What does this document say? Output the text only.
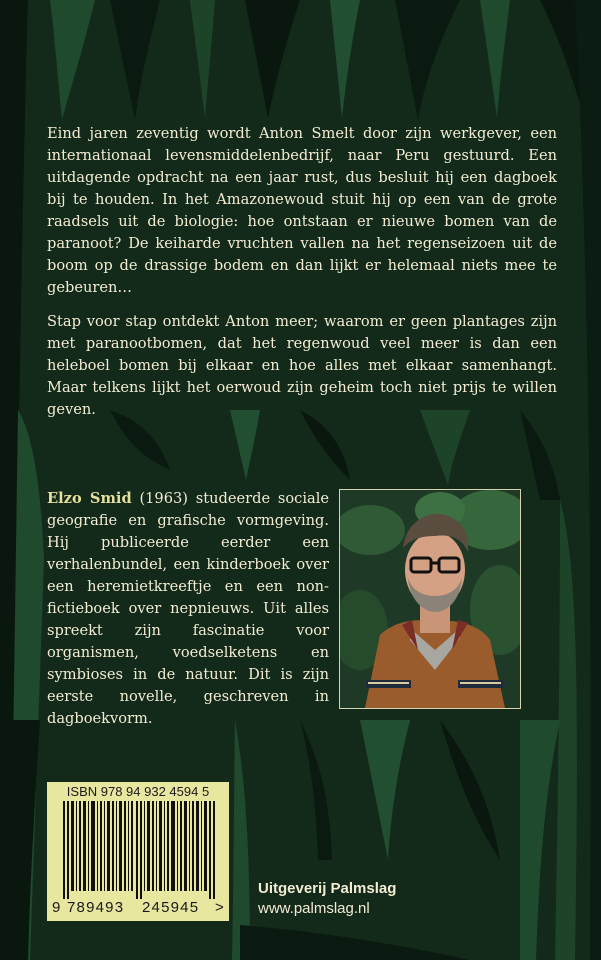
Eind jaren zeventig wordt Anton Smelt door zijn werkgever, een internationaal levensmiddelenbedrijf, naar Peru gestuurd. Een uitdagende opdracht na een jaar rust, dus besluit hij een dagboek bij te houden. In het Amazonewoud stuit hij op een van de grote raadsels uit de biologie: hoe ontstaan er nieuwe bomen van de paranoot? De keiharde vruchten vallen na het regenseizoen uit de boom op de drassige bodem en dan lijkt er helemaal niets mee te gebeuren…

Stap voor stap ontdekt Anton meer; waarom er geen plantages zijn met paranootbomen, dat het regenwoud veel meer is dan een heleboel bomen bij elkaar en hoe alles met elkaar samenhangt. Maar telkens lijkt het oerwoud zijn geheim toch niet prijs te willen geven.

Elzo Smid (1963) studeerde sociale geografie en grafische vormgeving. Hij publiceerde eerder een verhalenbundel, een kinderboek over een heremietkreeftje en een non-fictieboek over nepnieuws. Uit alles spreekt zijn fascinatie voor organismen, voedselketens en symbioses in de natuur. Dit is zijn eerste novelle, geschreven in dagboekvorm.

ISBN 978 94 932 4594 5
9 789493 245945 >
Uitgeverij Palmslag
www.palmslag.nl
